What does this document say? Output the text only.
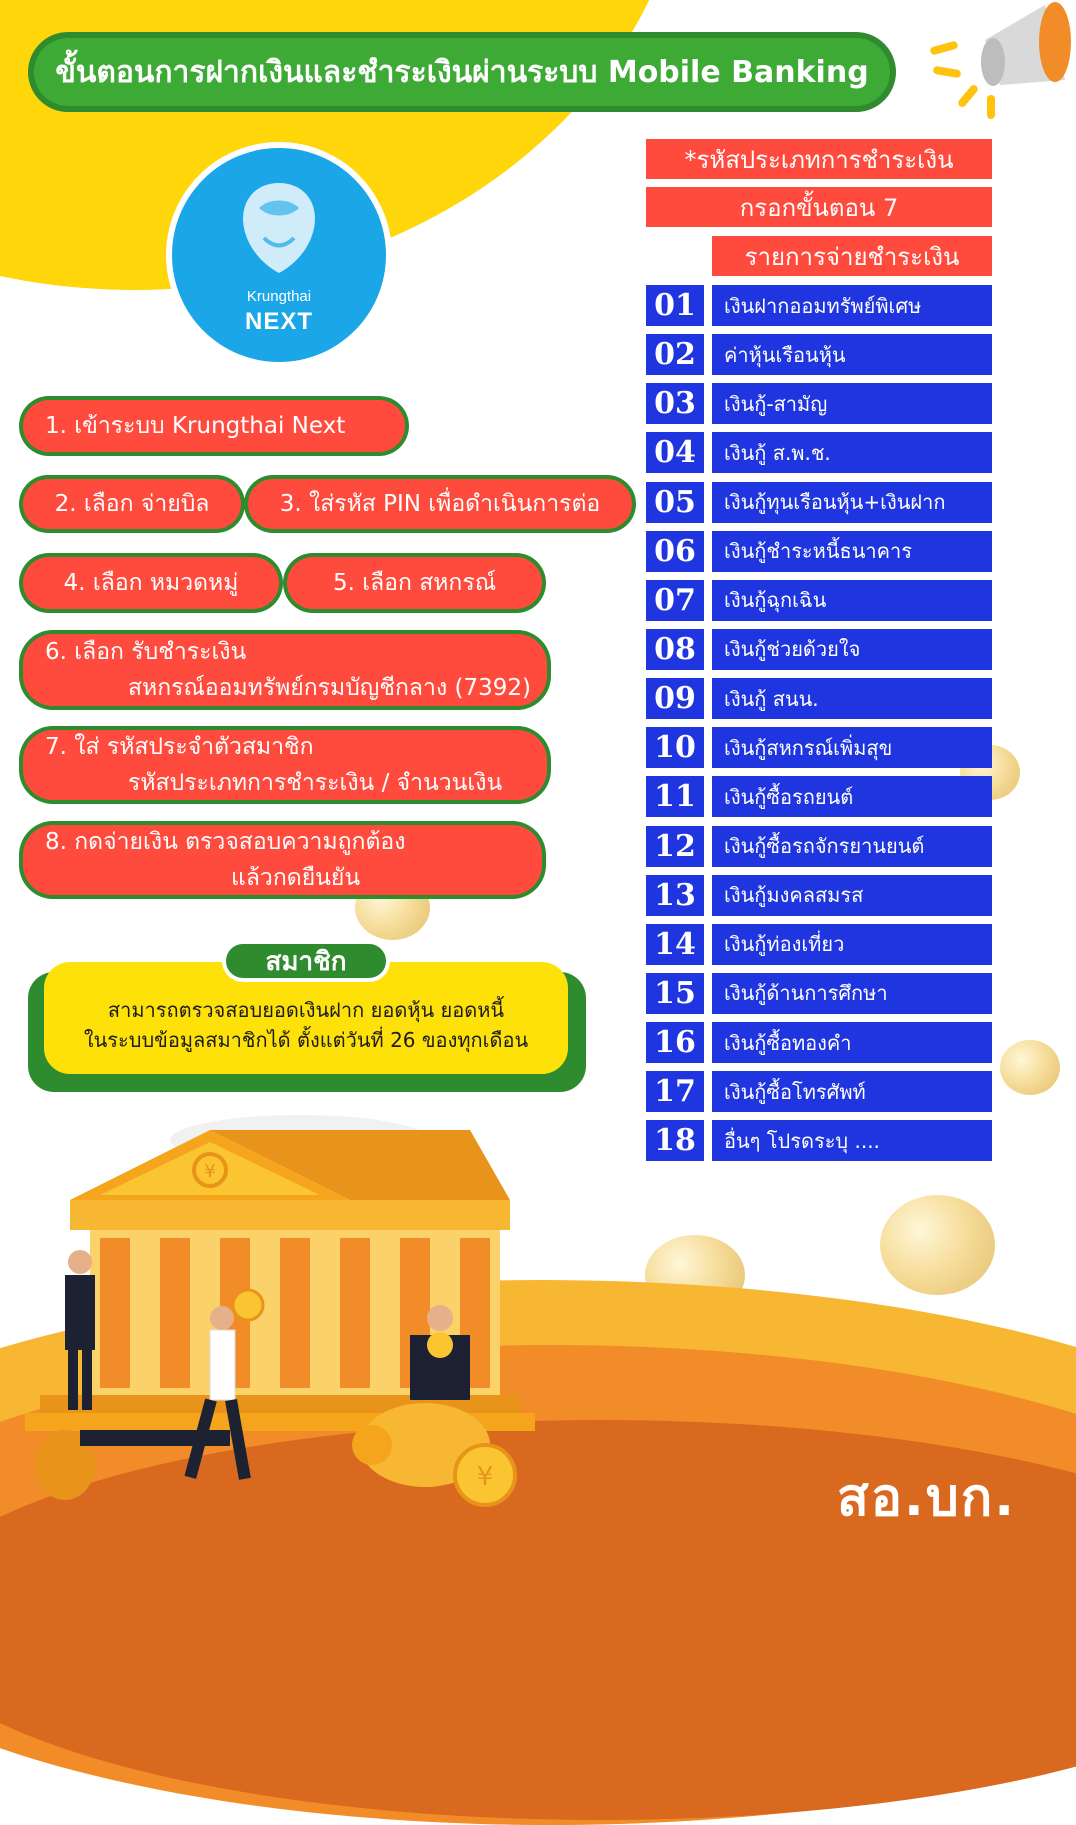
¥
¥
ขั้นตอนการฝากเงินและชำระเงินผ่านระบบ Mobile Banking
Krungthai
NEXT
1. เข้าระบบ Krungthai Next
2. เลือก จ่ายบิล	3. ใส่รหัส PIN เพื่อดำเนินการต่อ
4. เลือก หมวดหมู่	5. เลือก สหกรณ์
6. เลือก รับชำระเงิน
สหกรณ์ออมทรัพย์กรมบัญชีกลาง (7392)
7. ใส่ รหัสประจำตัวสมาชิก
รหัสประเภทการชำระเงิน / จำนวนเงิน
8. กดจ่ายเงิน ตรวจสอบความถูกต้อง
แล้วกดยืนยัน
สามารถตรวจสอบยอดเงินฝาก ยอดหุ้น ยอดหนี้
ในระบบข้อมูลสมาชิกได้ ตั้งแต่วันที่ 26 ของทุกเดือน
สมาชิก
*รหัสประเภทการชำระเงิน
กรอกขั้นตอน 7
รายการจ่ายชำระเงิน
01	เงินฝากออมทรัพย์พิเศษ
02	ค่าหุ้นเรือนหุ้น
03	เงินกู้-สามัญ
04	เงินกู้ ส.พ.ช.
05	เงินกู้ทุนเรือนหุ้น+เงินฝาก
06	เงินกู้ชำระหนี้ธนาคาร
07	เงินกู้ฉุกเฉิน
08	เงินกู้ช่วยด้วยใจ
09	เงินกู้ สนน.
10	เงินกู้สหกรณ์เพิ่มสุข
11	เงินกู้ซื้อรถยนต์
12	เงินกู้ซื้อรถจักรยานยนต์
13	เงินกู้มงคลสมรส
14	เงินกู้ท่องเที่ยว
15	เงินกู้ด้านการศึกษา
16	เงินกู้ซื้อทองคำ
17	เงินกู้ซื้อโทรศัพท์
18	อื่นๆ โปรดระบุ ....
สอ.บก.
